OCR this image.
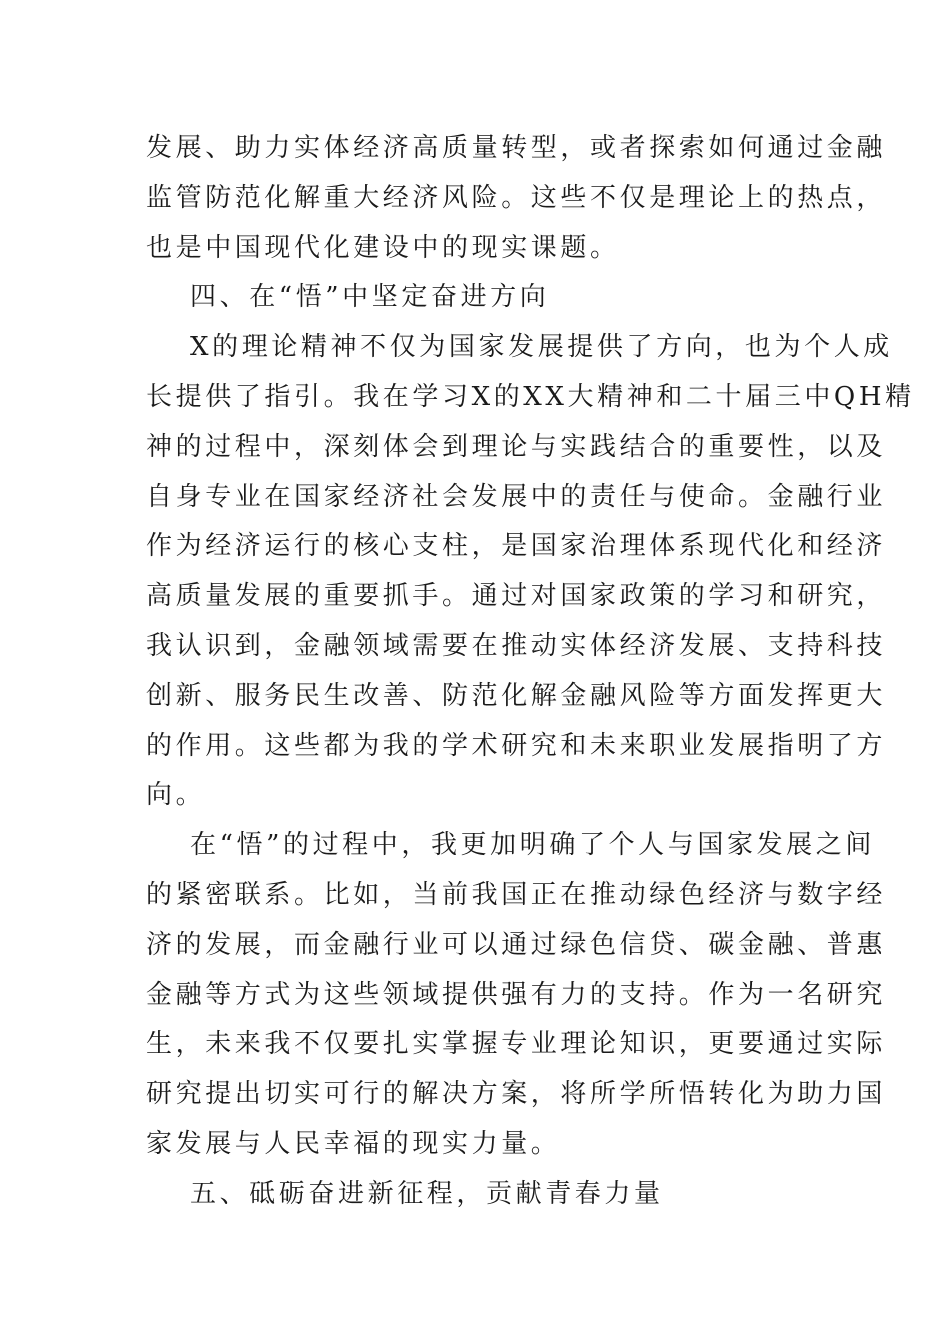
发展、助力实体经济高质量转型，或者探索如何通过金融
监管防范化解重大经济风险。这些不仅是理论上的热点，
也是中国现代化建设中的现实课题。
四、在“悟”中坚定奋进方向
X的理论精神不仅为国家发展提供了方向，也为个人成
长提供了指引。我在学习X的XX大精神和二十届三中QH精
神的过程中，深刻体会到理论与实践结合的重要性，以及
自身专业在国家经济社会发展中的责任与使命。金融行业
作为经济运行的核心支柱，是国家治理体系现代化和经济
高质量发展的重要抓手。通过对国家政策的学习和研究，
我认识到，金融领域需要在推动实体经济发展、支持科技
创新、服务民生改善、防范化解金融风险等方面发挥更大
的作用。这些都为我的学术研究和未来职业发展指明了方
向。
在“悟”的过程中，我更加明确了个人与国家发展之间
的紧密联系。比如，当前我国正在推动绿色经济与数字经
济的发展，而金融行业可以通过绿色信贷、碳金融、普惠
金融等方式为这些领域提供强有力的支持。作为一名研究
生，未来我不仅要扎实掌握专业理论知识，更要通过实际
研究提出切实可行的解决方案，将所学所悟转化为助力国
家发展与人民幸福的现实力量。
五、砥砺奋进新征程，贡献青春力量
